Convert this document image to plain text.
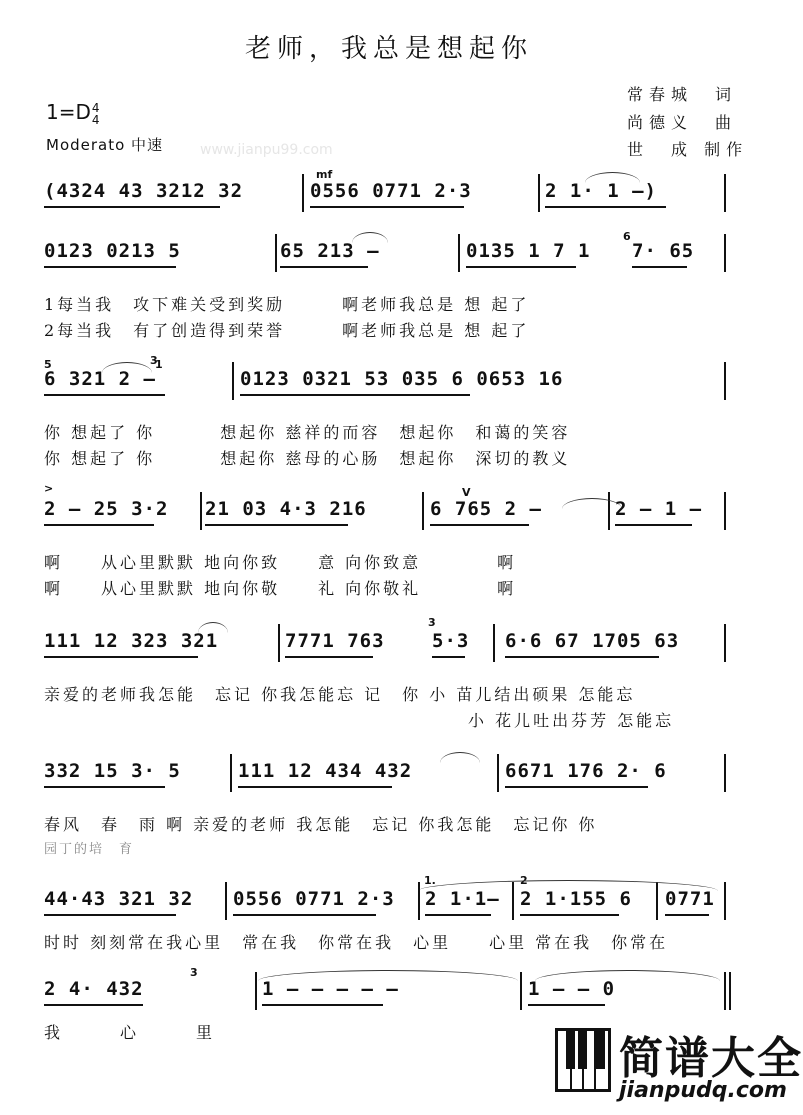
老师，我总是想起你
常春城　词
尚德义　曲
世　成 制作
1=D4
4
Moderato 中速	www.jianpu99.com
(4324 43 3212 32	0556 0771 2·3	2 1· 1 –)
mf
0123 0213 5	65 213 –	0135 1 7 1 7· 65
6
1每当我　攻下难关受到奖励　　　啊老师我总是 想 起了
2每当我　有了创造得到荣誉　　　啊老师我总是 想 起了
6 321 2 –	0123 0321 53 035 6 0653 16
5	1
3
你 想起了 你　　　 想起你 慈祥的而容　想起你　和蔼的笑容
你 想起了 你　　　 想起你 慈母的心肠　想起你　深切的教义
2 – 25 3·2 21 03 4·3 216	6 765 2 –	2 – 1 –
>	V
啊　　从心里默默 地向你致　　意 向你致意　　　　啊
啊　　从心里默默 地向你敬　　礼 向你敬礼　　　　啊
111 12 323 321	7771 763 5·3 6·6 67 1705 63
3
亲爱的老师我怎能　忘记 你我怎能忘 记　你 小 苗儿结出硕果 怎能忘
小 花儿吐出芬芳 怎能忘
332 15 3· 5	111 12 434 432	6671 176 2· 6
春风　春　雨 啊 亲爱的老师 我怎能　忘记 你我怎能　忘记你 你
园丁的培　育
44·43 321 32 0556 0771 2·3 2 1·1– 2 1·155 6 0771
1.	2
时时 刻刻常在我心里　常在我　你常在我　心里　　心里 常在我　你常在
2 4· 432	1 – – – – –	1 – – 0
3
我　　　心　　　里
简谱大全
jianpudq.com
